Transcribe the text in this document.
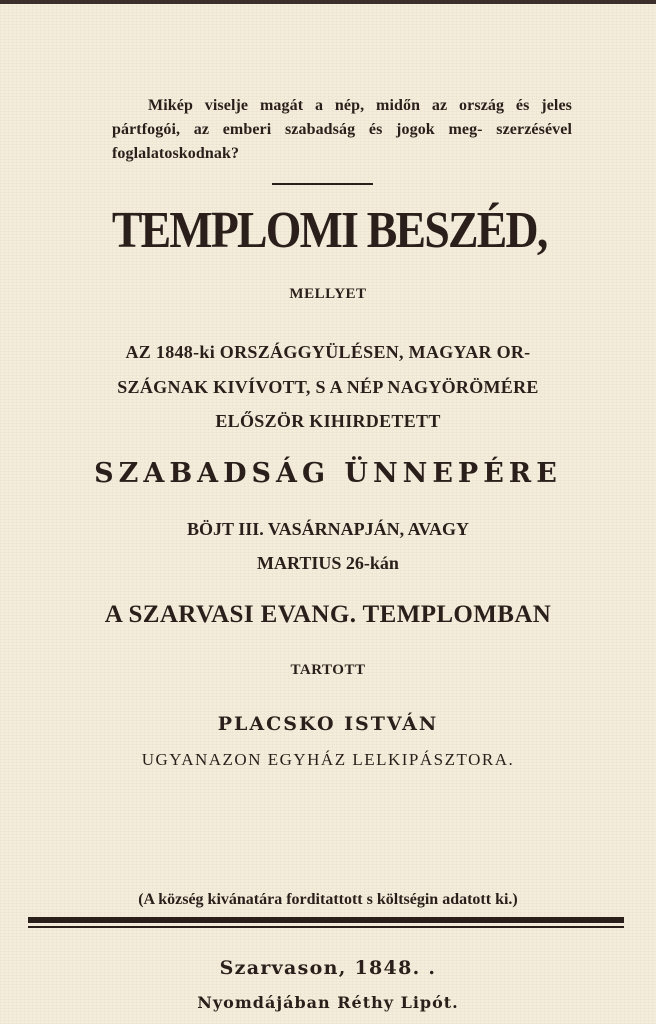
Mikép viselje magát a nép, midőn az ország és jeles pártfogói, az emberi szabadság és jogok meg- szerzésével foglalatoskodnak?
TEMPLOMI BESZÉD,
MELLYET
AZ 1848-ki ORSZÁGGYÜLÉSEN, MAGYAR OR-
SZÁGNAK KIVÍVOTT, S A NÉP NAGYÖRÖMÉRE
ELŐSZÖR KIHIRDETETT
SZABADSÁG ÜNNEPÉRE
BÖJT III. VASÁRNAPJÁN, AVAGY
MARTIUS 26-kán
A SZARVASI EVANG. TEMPLOMBAN
TARTOTT
PLACSKO ISTVÁN
UGYANAZON EGYHÁZ LELKIPÁSZTORA.
(A község kivánatára forditattott s költségin adatott ki.)
Szarvason, 1848. .
Nyomdájában Réthy Lipót.
